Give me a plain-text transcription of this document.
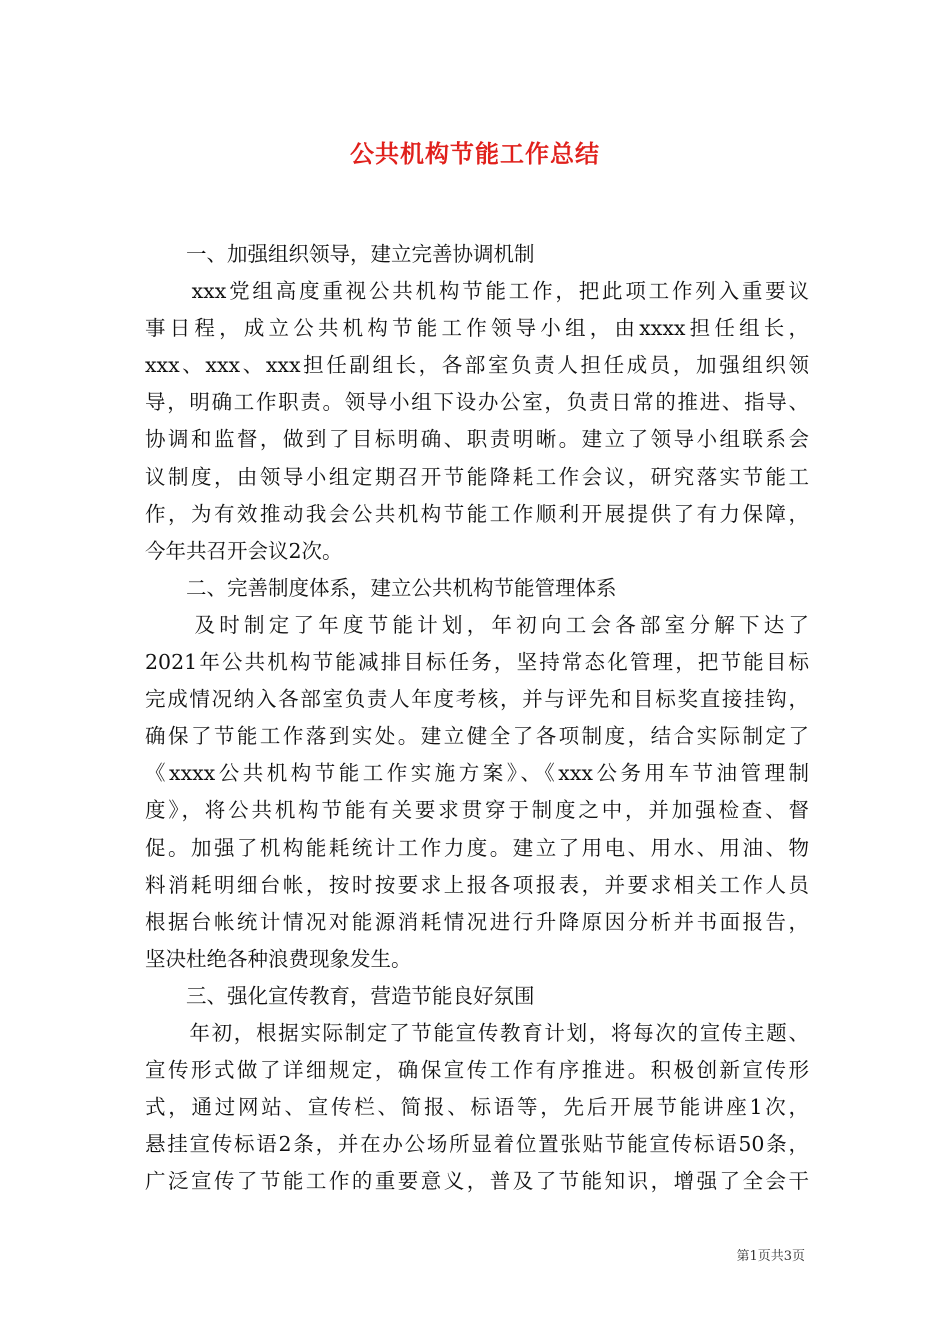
公共机构节能工作总结
　　一、加强组织领导，建立完善协调机制
　　xxx党组高度重视公共机构节能工作，把此项工作列入重要议
事日程，成立公共机构节能工作领导小组，由xxxx担任组长，
xxx、xxx、xxx担任副组长，各部室负责人担任成员，加强组织领
导，明确工作职责。领导小组下设办公室，负责日常的推进、指导、
协调和监督，做到了目标明确、职责明晰。建立了领导小组联系会
议制度，由领导小组定期召开节能降耗工作会议，研究落实节能工
作，为有效推动我会公共机构节能工作顺利开展提供了有力保障，
今年共召开会议2次。
　　二、完善制度体系，建立公共机构节能管理体系
　　及时制定了年度节能计划，年初向工会各部室分解下达了
2021年公共机构节能减排目标任务，坚持常态化管理，把节能目标
完成情况纳入各部室负责人年度考核，并与评先和目标奖直接挂钩，
确保了节能工作落到实处。建立健全了各项制度，结合实际制定了
《xxxx公共机构节能工作实施方案》、《xxx公务用车节油管理制
度》，将公共机构节能有关要求贯穿于制度之中，并加强检查、督
促。加强了机构能耗统计工作力度。建立了用电、用水、用油、物
料消耗明细台帐，按时按要求上报各项报表，并要求相关工作人员
根据台帐统计情况对能源消耗情况进行升降原因分析并书面报告，
坚决杜绝各种浪费现象发生。
　　三、强化宣传教育，营造节能良好氛围
　　年初，根据实际制定了节能宣传教育计划，将每次的宣传主题、
宣传形式做了详细规定，确保宣传工作有序推进。积极创新宣传形
式，通过网站、宣传栏、简报、标语等，先后开展节能讲座1次，
悬挂宣传标语2条，并在办公场所显着位置张贴节能宣传标语50条，
广泛宣传了节能工作的重要意义，普及了节能知识，增强了全会干
第1页共3页
